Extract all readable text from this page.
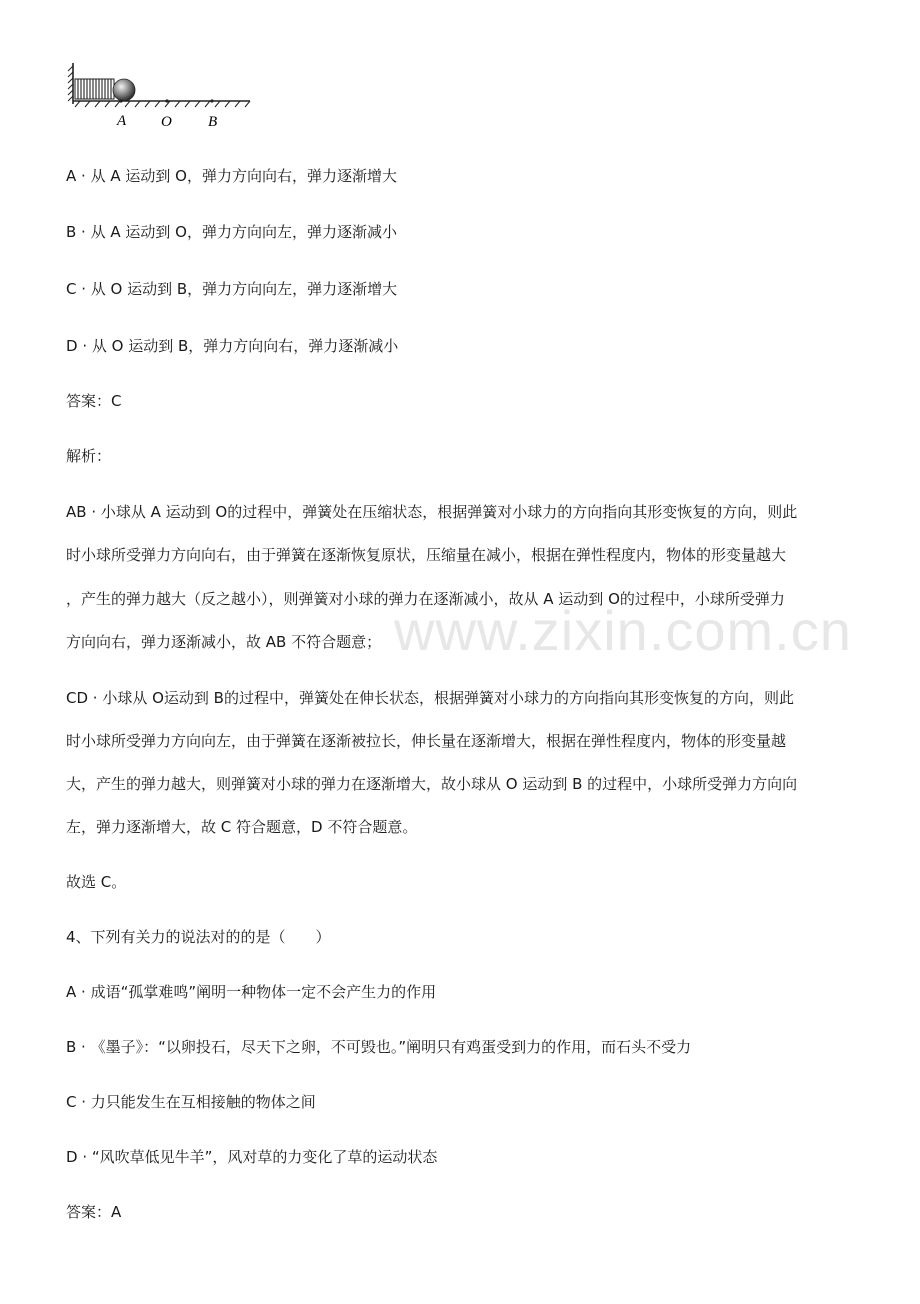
A O B
A · 从 A 运动到 O，弹力方向向右，弹力逐渐增大
B · 从 A 运动到 O，弹力方向向左，弹力逐渐减小
C · 从 O 运动到 B，弹力方向向左，弹力逐渐增大
D · 从 O 运动到 B，弹力方向向右，弹力逐渐减小
答案：C
解析：
www.zixin.com.cn
AB · 小球从 A 运动到 O的过程中，弹簧处在压缩状态，根据弹簧对小球力的方向指向其形变恢复的方向，则此
时小球所受弹力方向向右，由于弹簧在逐渐恢复原状，压缩量在减小，根据在弹性程度内，物体的形变量越大
，产生的弹力越大（反之越小），则弹簧对小球的弹力在逐渐减小，故从 A 运动到 O的过程中，小球所受弹力
方向向右，弹力逐渐减小，故 AB 不符合题意；
CD · 小球从 O运动到 B的过程中，弹簧处在伸长状态，根据弹簧对小球力的方向指向其形变恢复的方向，则此
时小球所受弹力方向向左，由于弹簧在逐渐被拉长，伸长量在逐渐增大，根据在弹性程度内，物体的形变量越
大，产生的弹力越大，则弹簧对小球的弹力在逐渐增大，故小球从 O 运动到 B 的过程中，小球所受弹力方向向
左，弹力逐渐增大，故 C 符合题意，D 不符合题意。
故选 C。
4、下列有关力的说法对的的是（　　）
A · 成语“孤掌难鸣”阐明一种物体一定不会产生力的作用
B · 《墨子》：“以卵投石，尽天下之卵，不可毁也。”阐明只有鸡蛋受到力的作用，而石头不受力
C · 力只能发生在互相接触的物体之间
D · “风吹草低见牛羊”，风对草的力变化了草的运动状态
答案：A
